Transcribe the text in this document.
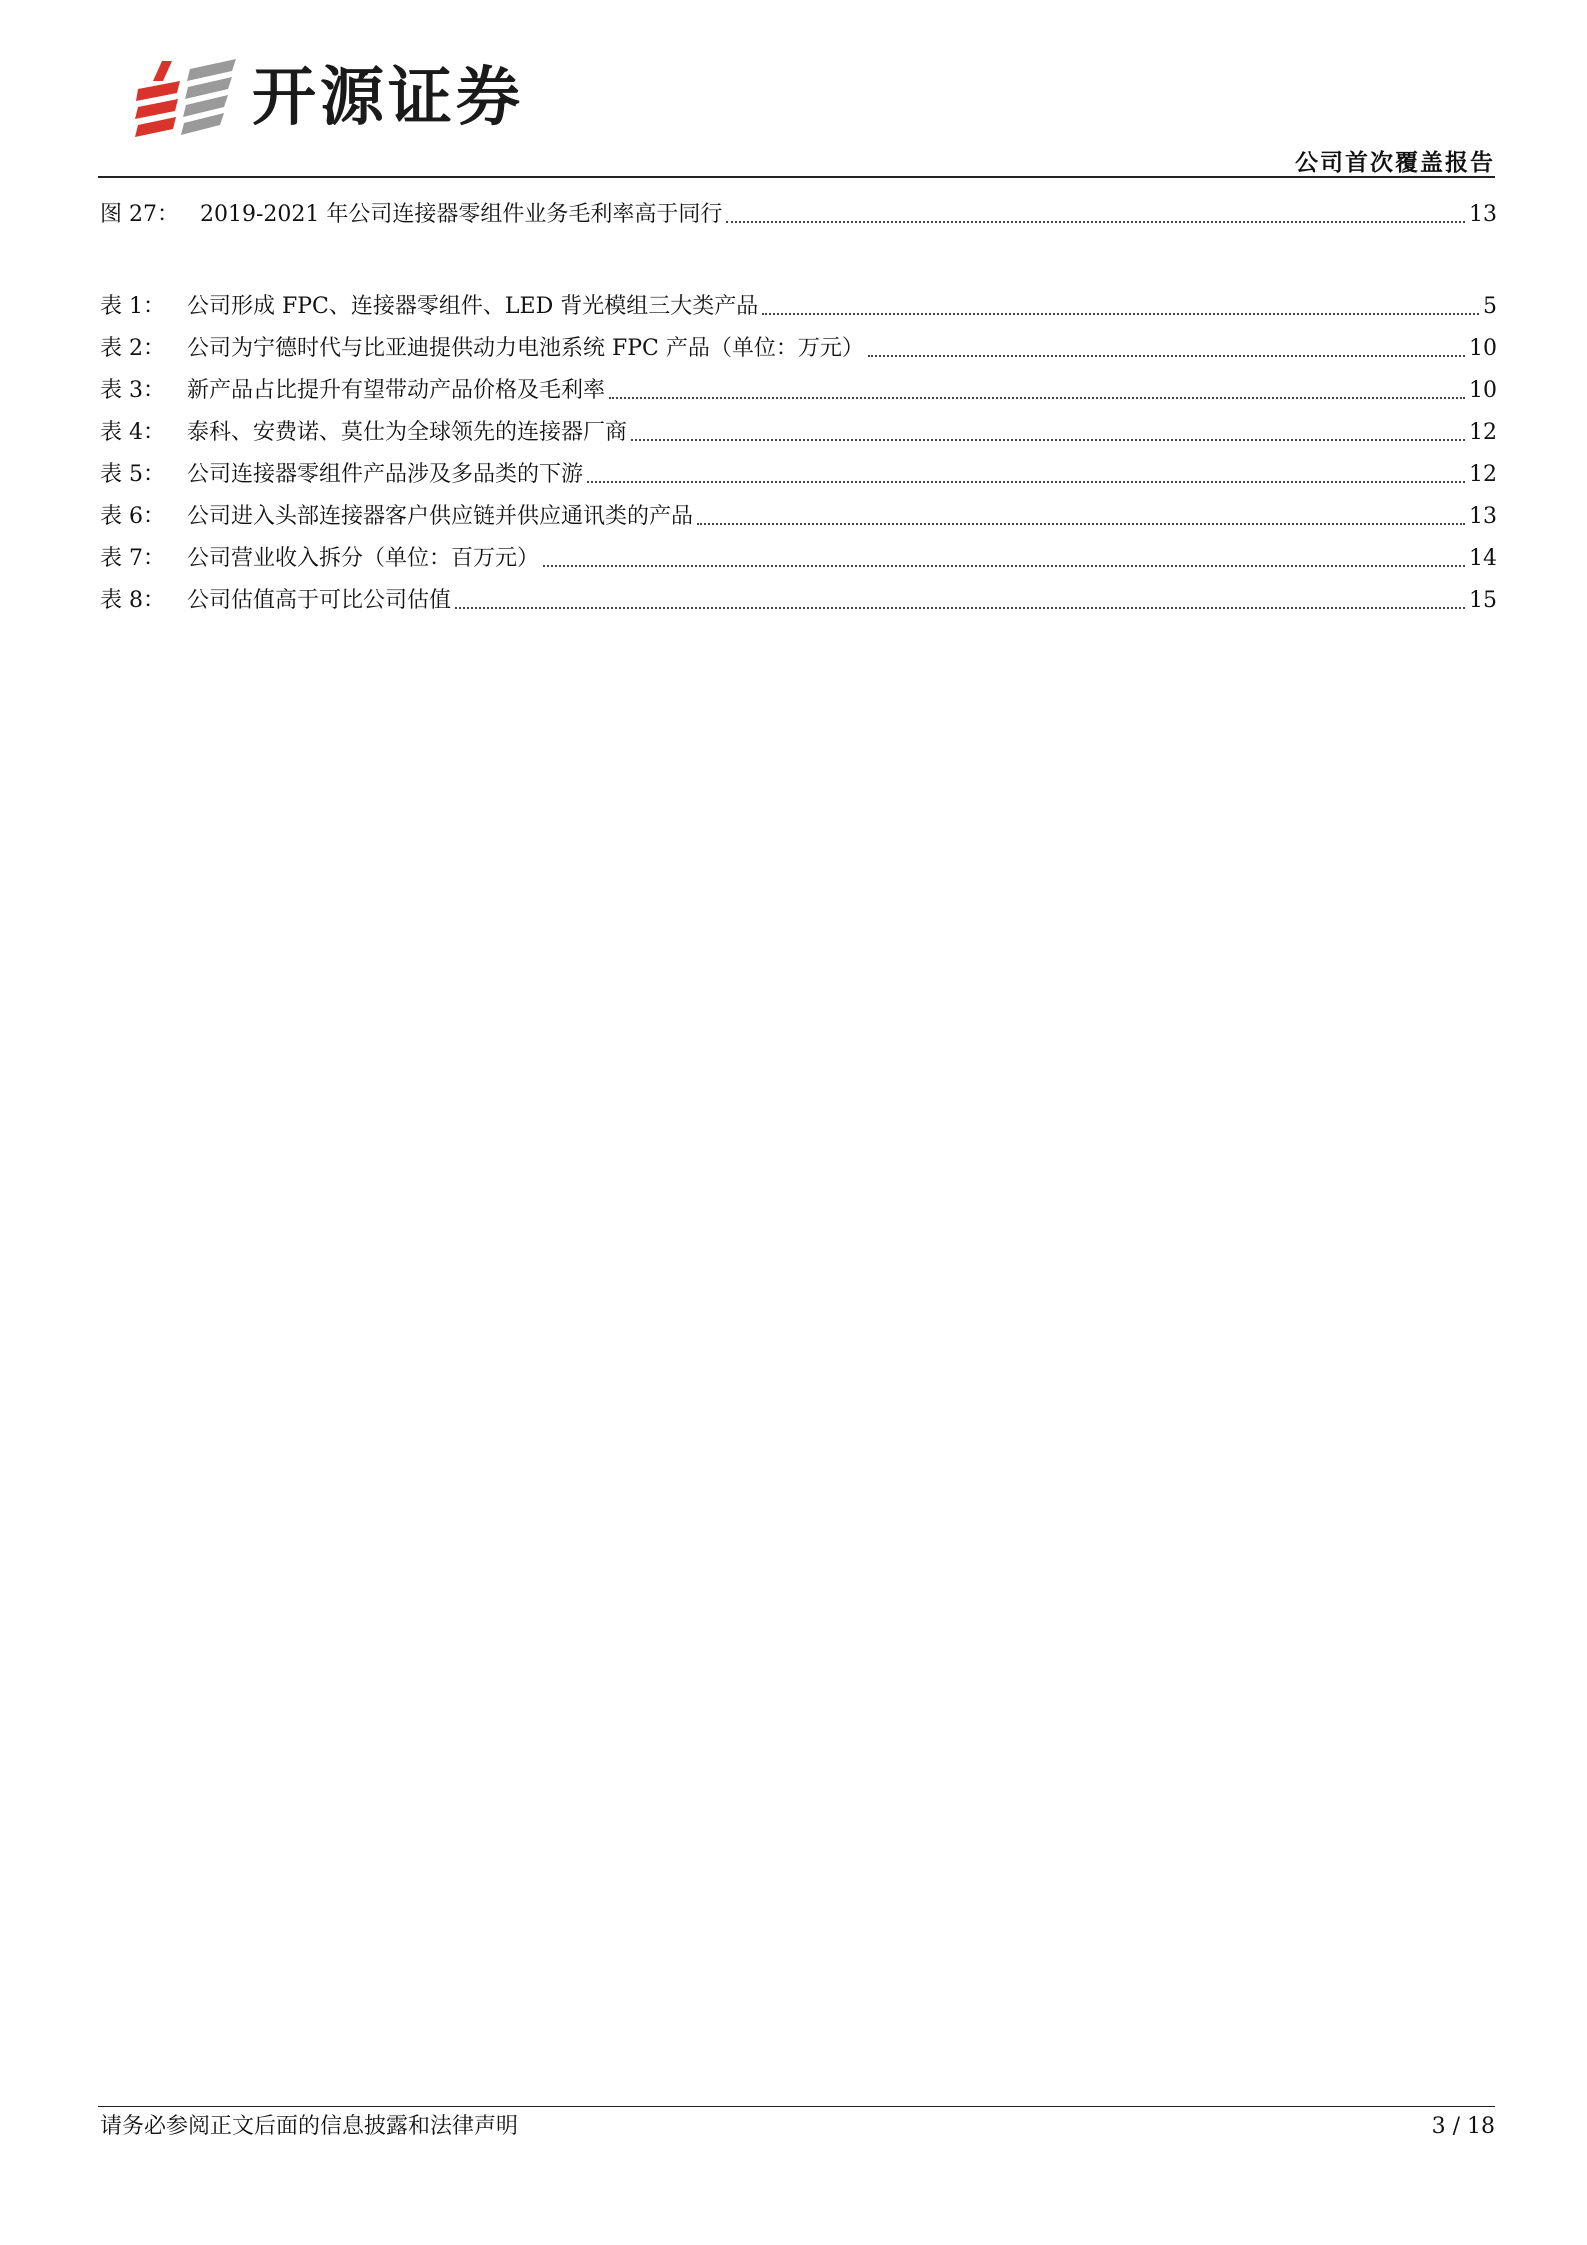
开源证券
公司首次覆盖报告
图 27： 2019-2021 年公司连接器零组件业务毛利率高于同行	13
表 1：	公司形成 FPC、连接器零组件、LED 背光模组三大类产品	5
表 2：	公司为宁德时代与比亚迪提供动力电池系统 FPC 产品（单位：万元）	10
表 3：	新产品占比提升有望带动产品价格及毛利率	10
表 4：	泰科、安费诺、莫仕为全球领先的连接器厂商	12
表 5：	公司连接器零组件产品涉及多品类的下游	12
表 6：	公司进入头部连接器客户供应链并供应通讯类的产品	13
表 7：	公司营业收入拆分（单位：百万元）	14
表 8：	公司估值高于可比公司估值	15
请务必参阅正文后面的信息披露和法律声明	3 / 18
